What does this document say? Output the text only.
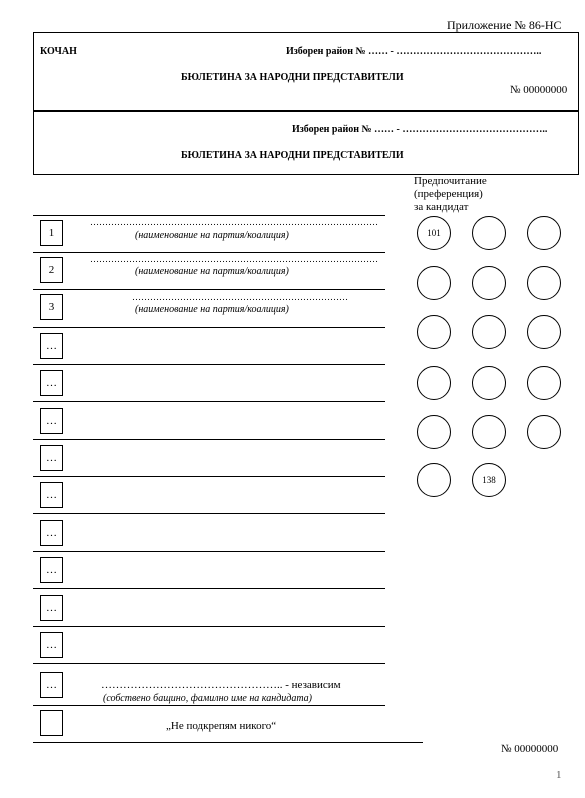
Приложение № 86-НС
КОЧАН	Изборен район № …… - ……………………………………..
БЮЛЕТИНА ЗА НАРОДНИ ПРЕДСТАВИТЕЛИ
№ 00000000
Изборен район № …… - ……………………………………..
БЮЛЕТИНА ЗА НАРОДНИ ПРЕДСТАВИТЕЛИ
Предпочитание
(преференция)
за кандидат
1
……………………………………………………………………………………
(наименование на партия/коалиция)
2
……………………………………………………………………………………
(наименование на партия/коалиция)
3
………………………………………………………………
(наименование на партия/коалиция)
…
…
…
…
…
…
…
…
…
…	………………………………………….. - независим
(собствено бащино, фамилно име на кандидата)
„Не подкрепям никого“
101
138
№ 00000000
1
